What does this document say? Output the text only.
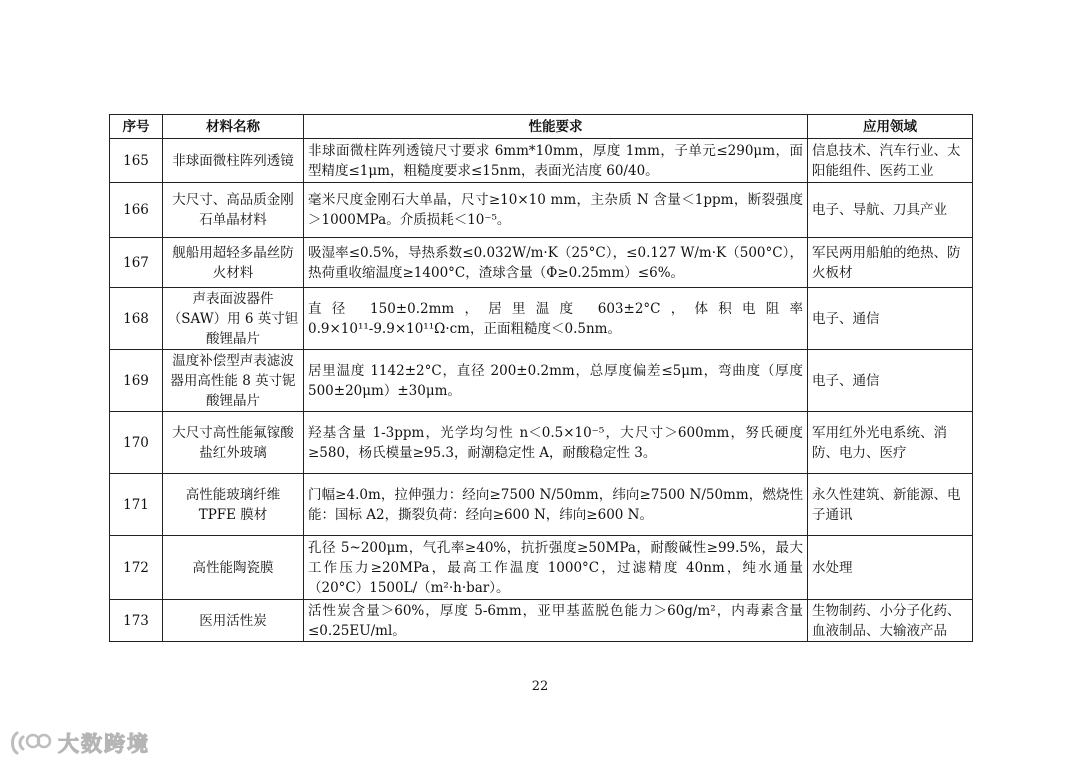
序号	材料名称	性能要求	应用领域
165	非球面微柱阵列透镜	非球面微柱阵列透镜尺寸要求 6mm*10mm，厚度 1mm，子单元≤290μm，面型精度≤1μm，粗糙度要求≤15nm，表面光洁度 60/40。	信息技术、汽车行业、太阳能组件、医药工业
166	大尺寸、高品质金刚石单晶材料	毫米尺度金刚石大单晶，尺寸≥10×10 mm，主杂质 N 含量＜1ppm，断裂强度＞1000MPa。介质损耗＜10⁻⁵。	电子、导航、刀具产业
167	舰船用超轻多晶丝防火材料	吸湿率≤0.5%，导热系数≤0.032W/m·K（25°C），≤0.127 W/m·K（500°C），热荷重收缩温度≥1400°C，渣球含量（Φ≥0.25mm）≤6%。	军民两用船舶的绝热、防火板材
168	声表面波器件（SAW）用 6 英寸钽酸锂晶片	直径 150±0.2mm，居里温度 603±2°C，体积电阻率 0.9×10¹¹-9.9×10¹¹Ω·cm，正面粗糙度＜0.5nm。	电子、通信
169	温度补偿型声表滤波器用高性能 8 英寸铌酸锂晶片	居里温度 1142±2°C，直径 200±0.2mm，总厚度偏差≤5μm，弯曲度（厚度500±20μm）±30μm。	电子、通信
170	大尺寸高性能氟镓酸盐红外玻璃	羟基含量 1-3ppm，光学均匀性 n＜0.5×10⁻⁵，大尺寸＞600mm，努氏硬度≥580，杨氏模量≥95.3，耐潮稳定性 A，耐酸稳定性 3。	军用红外光电系统、消防、电力、医疗
171	高性能玻璃纤维 TPFE 膜材	门幅≥4.0m，拉伸强力：经向≥7500 N/50mm，纬向≥7500 N/50mm，燃烧性能：国标 A2，撕裂负荷：经向≥600 N，纬向≥600 N。	永久性建筑、新能源、电子通讯
172	高性能陶瓷膜	孔径 5~200μm，气孔率≥40%，抗折强度≥50MPa，耐酸碱性≥99.5%，最大工作压力≥20MPa，最高工作温度 1000°C，过滤精度 40nm，纯水通量（20°C）1500L/（m²·h·bar）。	水处理
173	医用活性炭	活性炭含量＞60%，厚度 5-6mm，亚甲基蓝脱色能力＞60g/m²，内毒素含量≤0.25EU/ml。	生物制药、小分子化药、血液制品、大输液产品
22
大数跨境
